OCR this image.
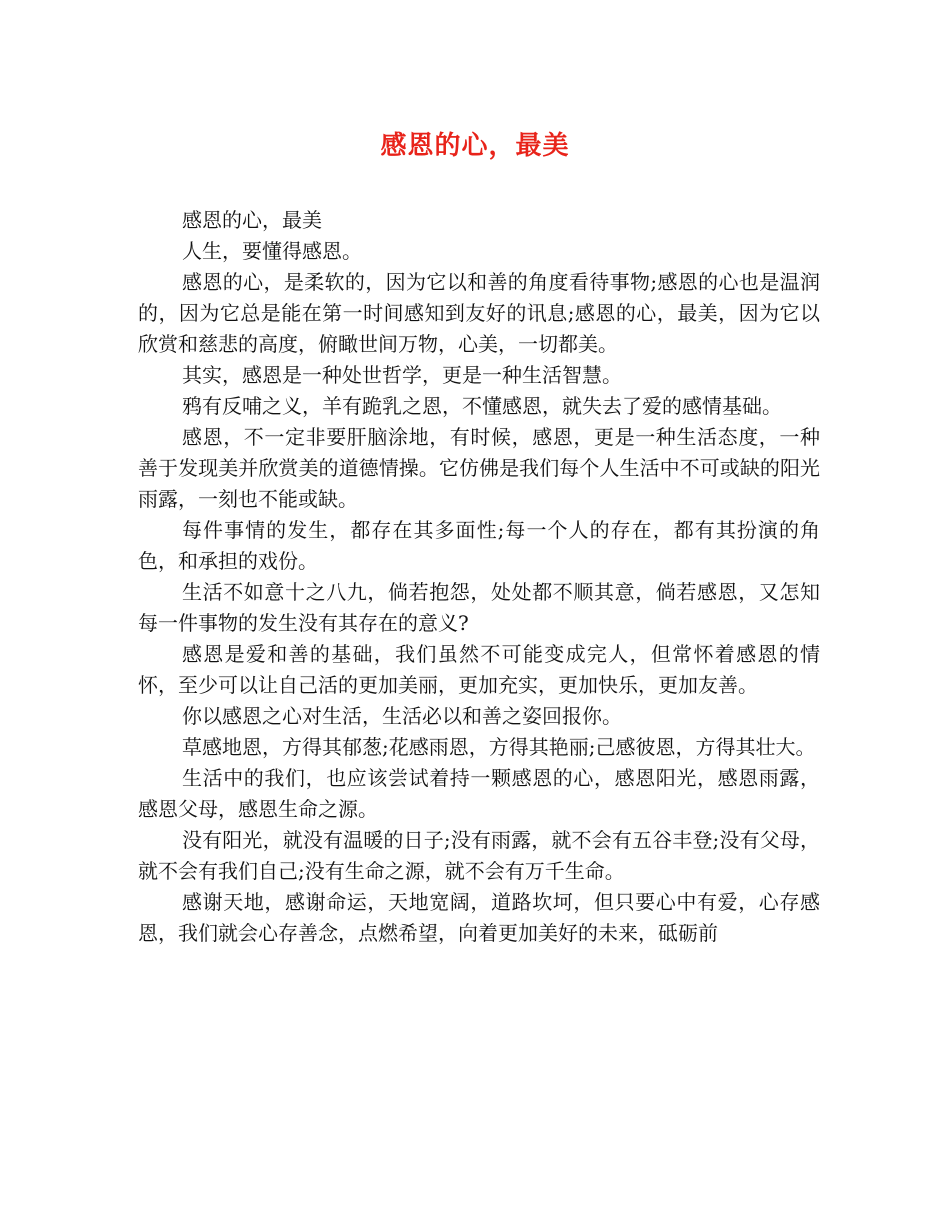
感恩的心，最美

感恩的心，最美

人生，要懂得感恩。

感恩的心，是柔软的，因为它以和善的角度看待事物;感恩的心也是温润的，因为它总是能在第一时间感知到友好的讯息;感恩的心，最美，因为它以欣赏和慈悲的高度，俯瞰世间万物，心美，一切都美。

其实，感恩是一种处世哲学，更是一种生活智慧。

鸦有反哺之义，羊有跪乳之恩，不懂感恩，就失去了爱的感情基础。

感恩，不一定非要肝脑涂地，有时候，感恩，更是一种生活态度，一种善于发现美并欣赏美的道德情操。它仿佛是我们每个人生活中不可或缺的阳光雨露，一刻也不能或缺。

每件事情的发生，都存在其多面性;每一个人的存在，都有其扮演的角色，和承担的戏份。

生活不如意十之八九，倘若抱怨，处处都不顺其意，倘若感恩，又怎知每一件事物的发生没有其存在的意义?

感恩是爱和善的基础，我们虽然不可能变成完人，但常怀着感恩的情怀，至少可以让自己活的更加美丽，更加充实，更加快乐，更加友善。

你以感恩之心对生活，生活必以和善之姿回报你。

草感地恩，方得其郁葱;花感雨恩，方得其艳丽;己感彼恩，方得其壮大。

生活中的我们，也应该尝试着持一颗感恩的心，感恩阳光，感恩雨露，感恩父母，感恩生命之源。

没有阳光，就没有温暖的日子;没有雨露，就不会有五谷丰登;没有父母，就不会有我们自己;没有生命之源，就不会有万千生命。

感谢天地，感谢命运，天地宽阔，道路坎坷，但只要心中有爱，心存感恩，我们就会心存善念，点燃希望，向着更加美好的未来，砥砺前
